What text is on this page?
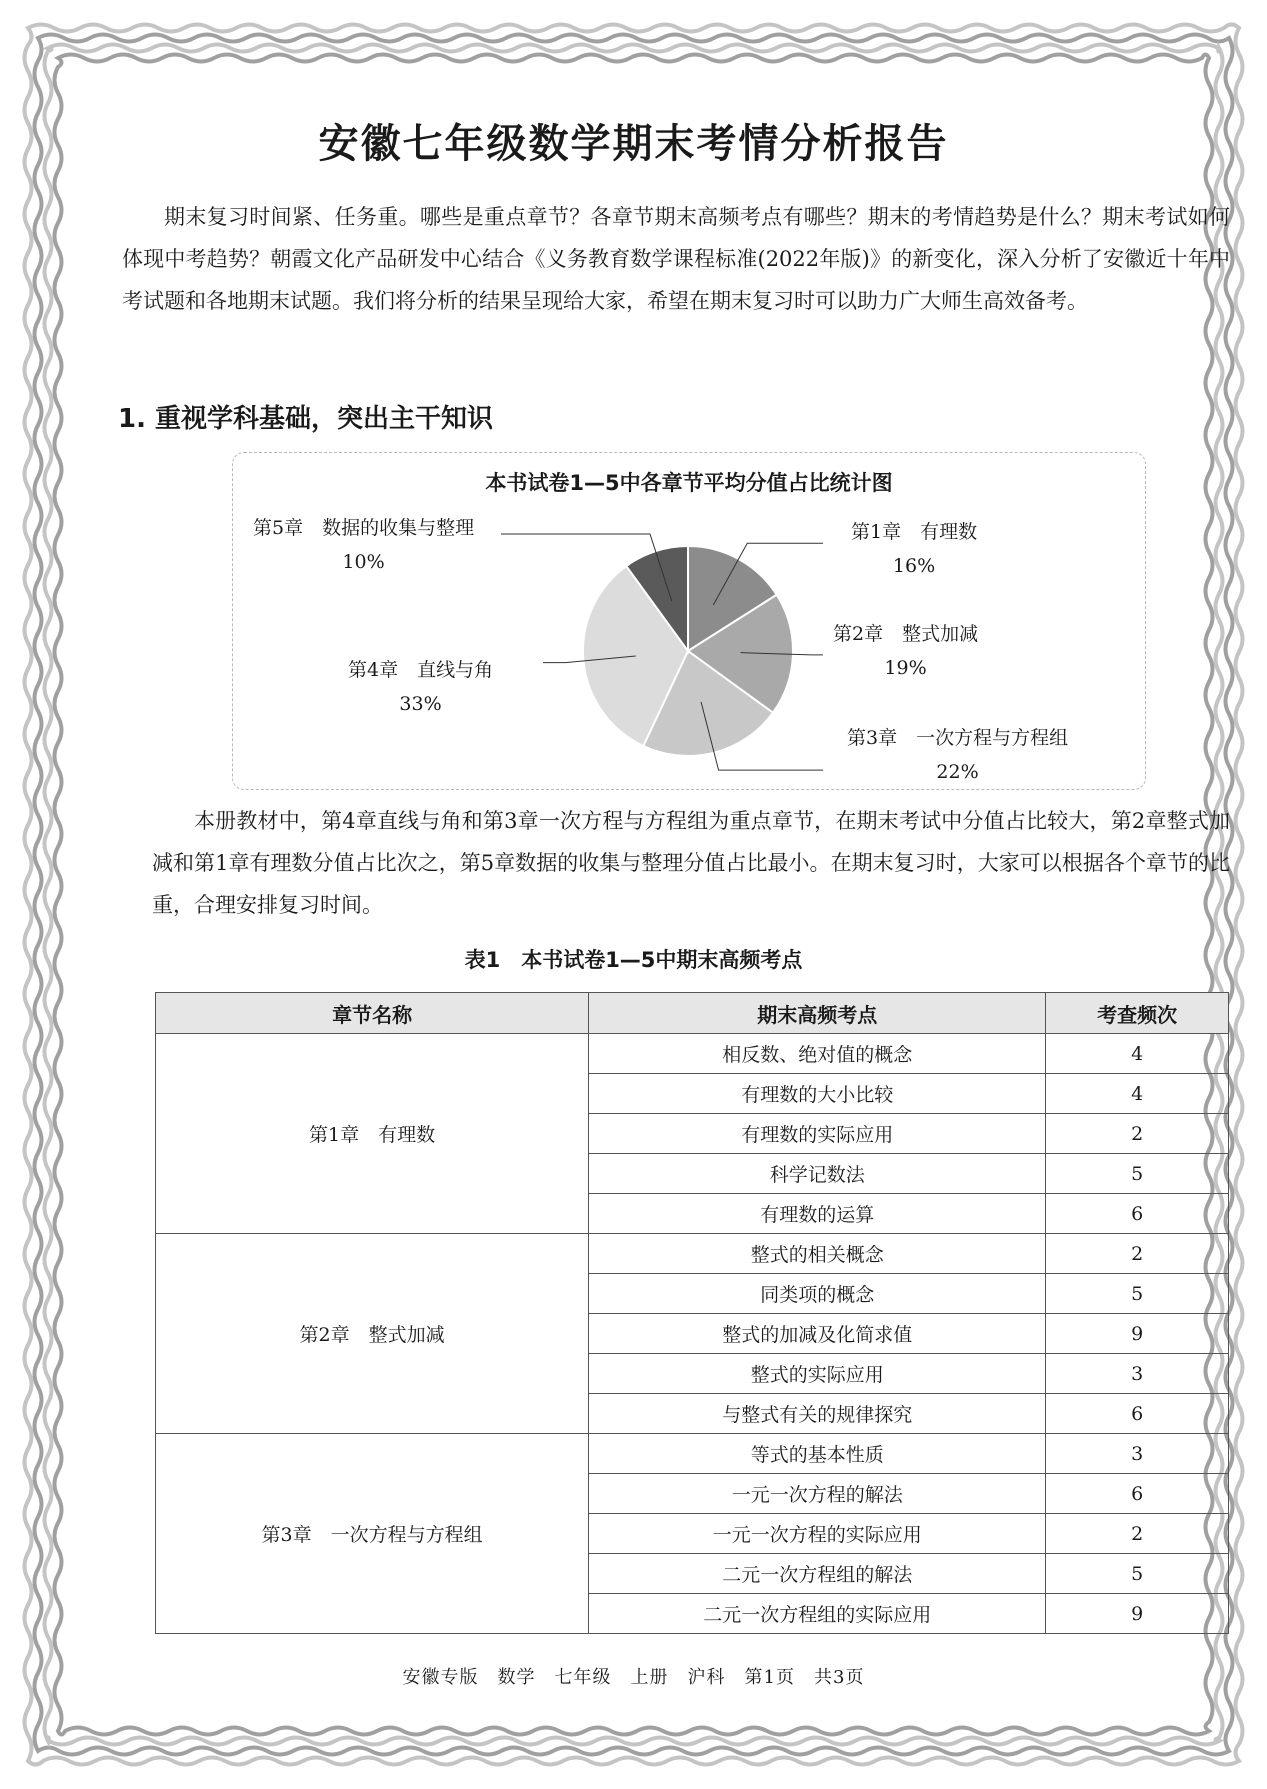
安徽七年级数学期末考情分析报告
期末复习时间紧、任务重。哪些是重点章节？各章节期末高频考点有哪些？期末的考情趋势是什么？期末考试如何体现中考趋势？朝霞文化产品研发中心结合《义务教育数学课程标准(2022年版)》的新变化，深入分析了安徽近十年中考试题和各地期末试题。我们将分析的结果呈现给大家，希望在期末复习时可以助力广大师生高效备考。
1. 重视学科基础，突出主干知识
本书试卷1—5中各章节平均分值占比统计图
第1章　有理数
16%
第2章　整式加减
19%
第3章　一次方程与方程组
22%
第4章　直线与角
33%
第5章　数据的收集与整理
10%
本册教材中，第4章直线与角和第3章一次方程与方程组为重点章节，在期末考试中分值占比较大，第2章整式加减和第1章有理数分值占比次之，第5章数据的收集与整理分值占比最小。在期末复习时，大家可以根据各个章节的比重，合理安排复习时间。
表1　本书试卷1—5中期末高频考点
章节名称	期末高频考点	考查频次
第1章　有理数	相反数、绝对值的概念	4
	有理数的大小比较	4
	有理数的实际应用	2
	科学记数法	5
	有理数的运算	6
第2章　整式加减	整式的相关概念	2
	同类项的概念	5
	整式的加减及化简求值	9
	整式的实际应用	3
	与整式有关的规律探究	6
第3章　一次方程与方程组	等式的基本性质	3
	一元一次方程的解法	6
	一元一次方程的实际应用	2
	二元一次方程组的解法	5
	二元一次方程组的实际应用	9
安徽专版　数学　七年级　上册　沪科　第1页　共3页
